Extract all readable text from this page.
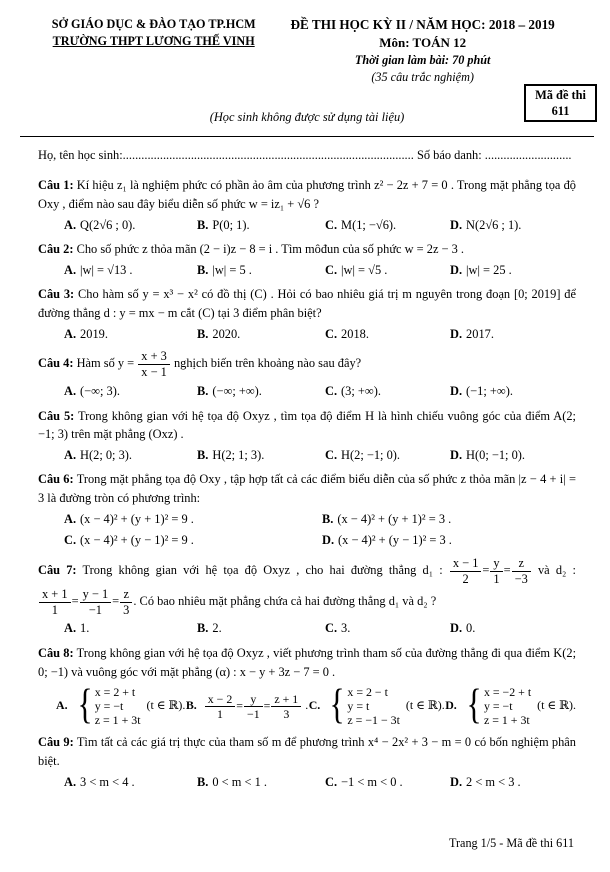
SỞ GIÁO DỤC & ĐÀO TẠO TP.HCM
TRƯỜNG THPT LƯƠNG THẾ VINH
ĐỀ THI HỌC KỲ II / NĂM HỌC: 2018 – 2019
Môn: TOÁN 12
Thời gian làm bài: 70 phút
(35 câu trắc nghiệm)
(Học sinh không được sử dụng tài liệu)
Mã đề thi
611
Họ, tên học sinh:.............................................................................................. Số báo danh: ............................

Câu 1: Kí hiệu z₁ là nghiệm phức có phần ảo âm của phương trình z² − 2z + 7 = 0 . Trong mặt phẳng tọa độ Oxy , điểm nào sau đây biểu diễn số phức w = iz₁ + √6 ?

A. Q(2√6 ; 0).	B. P(0; 1).	C. M(1; −√6).	D. N(2√6 ; 1).

Câu 2: Cho số phức z thỏa mãn (2 − i)z − 8 = i . Tìm môđun của số phức w = 2z − 3 .

A. |w| = √13 .	B. |w| = 5 .	C. |w| = √5 .	D. |w| = 25 .

Câu 3: Cho hàm số y = x³ − x² có đồ thị (C) . Hỏi có bao nhiêu giá trị m nguyên trong đoạn [0; 2019] để đường thẳng d : y = mx − m cắt (C) tại 3 điểm phân biệt?

A. 2019.	B. 2020.	C. 2018.	D. 2017.

Câu 4: Hàm số $y = \frac{x + 3}{x - 1}$ nghịch biến trên khoảng nào sau đây?

A. (−∞; 3).	B. (−∞; +∞).	C. (3; +∞).	D. (−1; +∞).

Câu 5: Trong không gian với hệ tọa độ Oxyz , tìm tọa độ điểm H là hình chiếu vuông góc của điểm A(2; −1; 3) trên mặt phẳng (Oxz) .

A. H(2; 0; 3).	B. H(2; 1; 3).	C. H(2; −1; 0).	D. H(0; −1; 0).

Câu 6: Trong mặt phẳng tọa độ Oxy , tập hợp tất cả các điểm biểu diễn của số phức z thỏa mãn |z − 4 + i| = 3 là đường tròn có phương trình:

A. (x − 4)² + (y + 1)² = 9 .	B. (x − 4)² + (y + 1)² = 3 .
C. (x − 4)² + (y − 1)² = 9 .	D. (x − 4)² + (y − 1)² = 3 .

Câu 7: Trong không gian với hệ tọa độ Oxyz , cho hai đường thẳng d₁ : $\frac{x - 1}{2} = \frac{y}{1} = \frac{z}{-3}$ và d₂ :
$\frac{x + 1}{1} = \frac{y - 1}{-1} = \frac{z}{3}$ . Có bao nhiêu mặt phẳng chứa cả hai đường thẳng d₁ và d₂ ?

A. 1.	B. 2.	C. 3.	D. 0.

Câu 8: Trong không gian với hệ tọa độ Oxyz , viết phương trình tham số của đường thẳng đi qua điểm K(2; 0; −1) và vuông góc với mặt phẳng (α) : x − y + 3z − 7 = 0 .

A. { x = 2 + t
y = −t
z = 1 + 3t
(t ∈ ℝ). B. $\frac{x - 2}{1} = \frac{y}{-1} = \frac{z + 1}{3}$ . C. { x = 2 − t
y = t
z = −1 − 3t
(t ∈ ℝ). D. { x = −2 + t
y = −t
z = 1 + 3t
(t ∈ ℝ).

Câu 9: Tìm tất cả các giá trị thực của tham số m để phương trình x⁴ − 2x² + 3 − m = 0 có bốn nghiệm phân biệt.

A. 3 < m < 4 .	B. 0 < m < 1 .	C. −1 < m < 0 .	D. 2 < m < 3 .
Trang 1/5 - Mã đề thi 611
